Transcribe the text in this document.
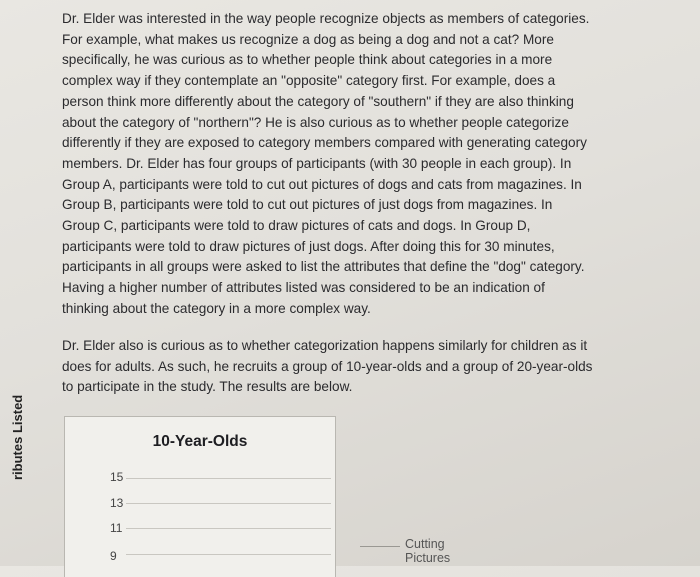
Dr. Elder was interested in the way people recognize objects as members of categories.
For example, what makes us recognize a dog as being a dog and not a cat? More
specifically, he was curious as to whether people think about categories in a more
complex way if they contemplate an "opposite" category first. For example, does a
person think more differently about the category of "southern" if they are also thinking
about the category of "northern"? He is also curious as to whether people categorize
differently if they are exposed to category members compared with generating category
members. Dr. Elder has four groups of participants (with 30 people in each group). In
Group A, participants were told to cut out pictures of dogs and cats from magazines. In
Group B, participants were told to cut out pictures of just dogs from magazines. In
Group C, participants were told to draw pictures of cats and dogs. In Group D,
participants were told to draw pictures of just dogs. After doing this for 30 minutes,
participants in all groups were asked to list the attributes that define the "dog" category.
Having a higher number of attributes listed was considered to be an indication of
thinking about the category in a more complex way.

Dr. Elder also is curious as to whether categorization happens similarly for children as it
does for adults. As such, he recruits a group of 10-year-olds and a group of 20-year-olds
to participate in the study. The results are below.

10-Year-Olds
ributes Listed	15
13
11
9
Cutting
Pictures
